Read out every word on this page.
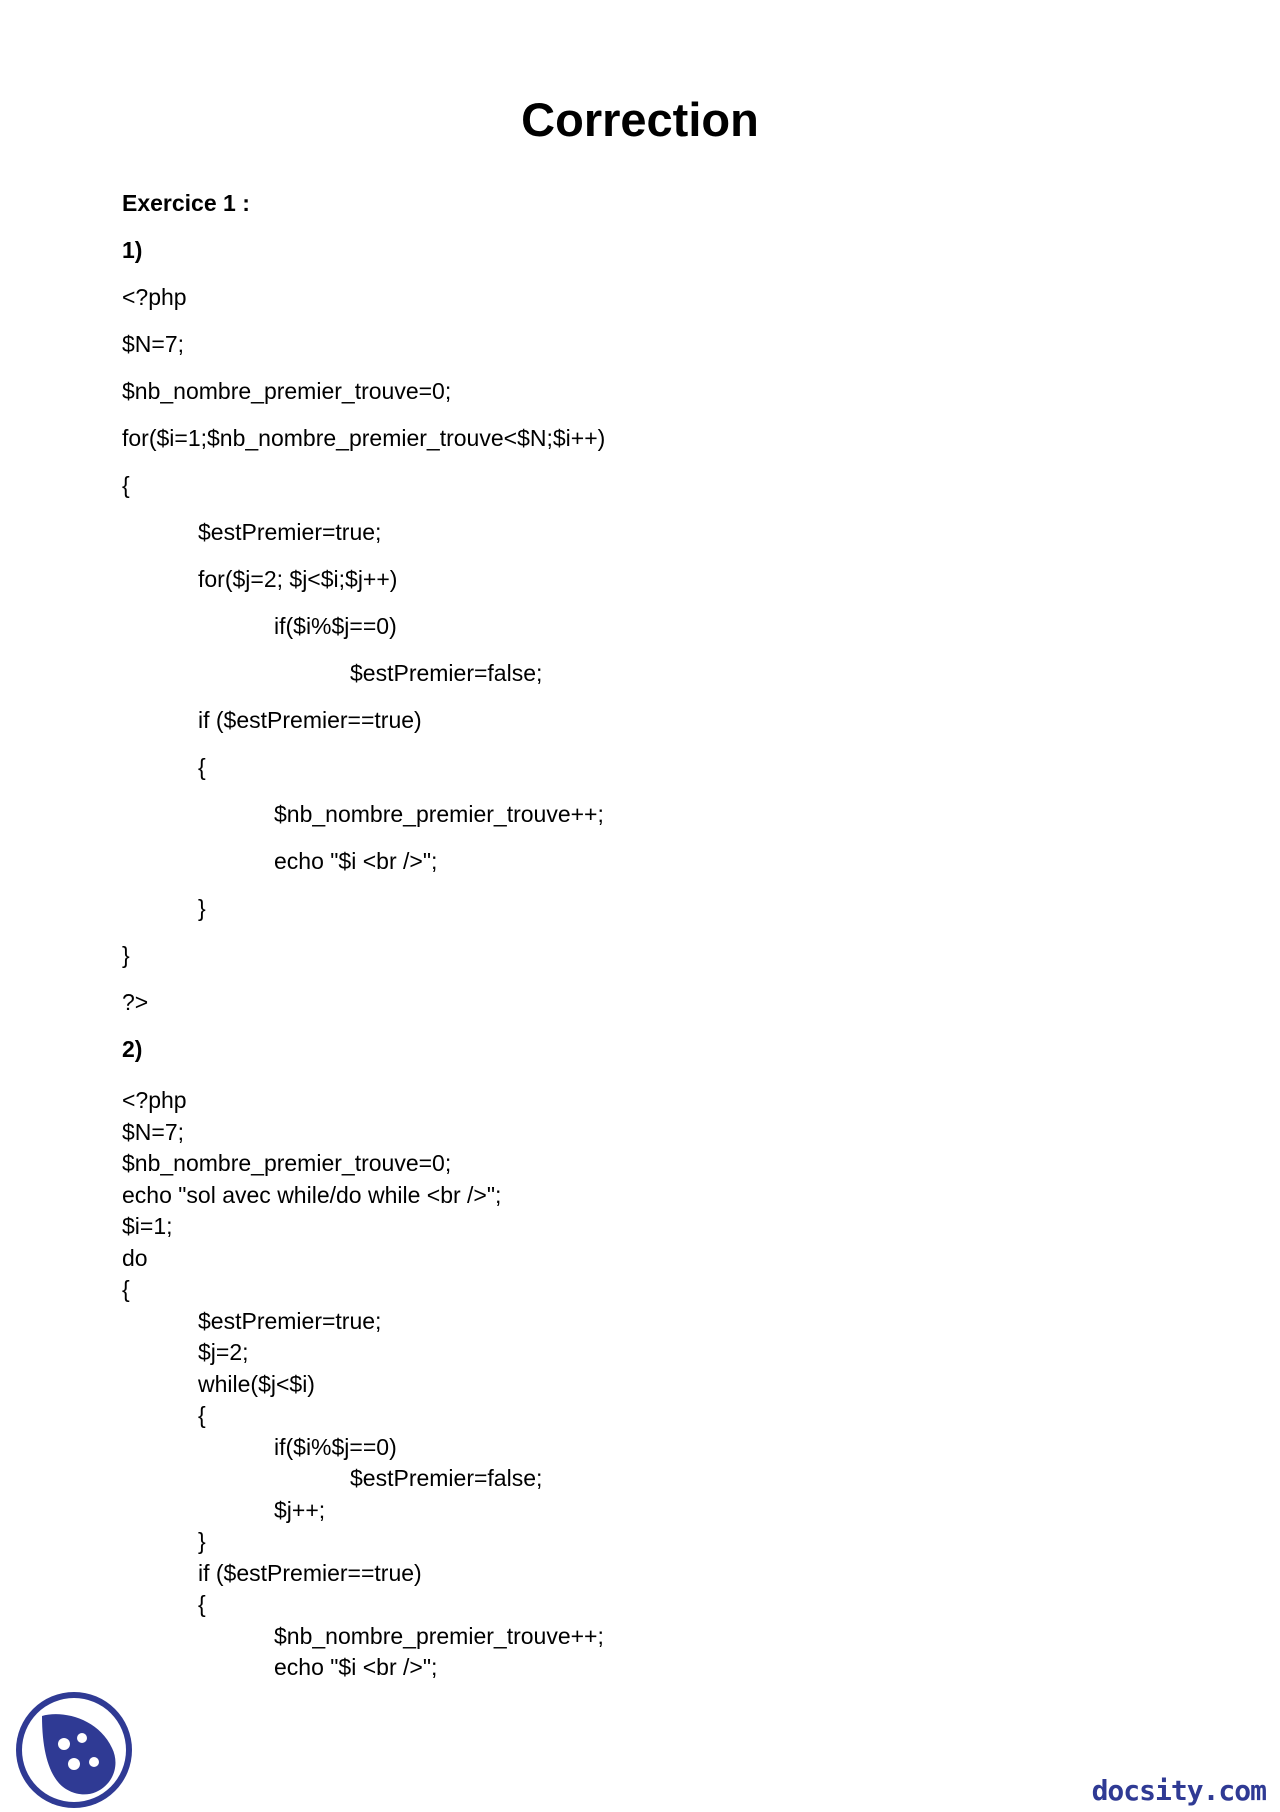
Correction
Exercice 1 :
1)
<?php
$N=7;
$nb_nombre_premier_trouve=0;
for($i=1;$nb_nombre_premier_trouve<$N;$i++)
{
$estPremier=true;
for($j=2; $j<$i;$j++)
if($i%$j==0)
$estPremier=false;
if ($estPremier==true)
{
$nb_nombre_premier_trouve++;
echo "$i <br />";
}
}
?>
2)
<?php
$N=7;
$nb_nombre_premier_trouve=0;
echo "sol avec while/do while <br />";
$i=1;
do
{
$estPremier=true;
$j=2;
while($j<$i)
{
if($i%$j==0)
$estPremier=false;
$j++;
}
if ($estPremier==true)
{
$nb_nombre_premier_trouve++;
echo "$i <br />";
docsity.com
